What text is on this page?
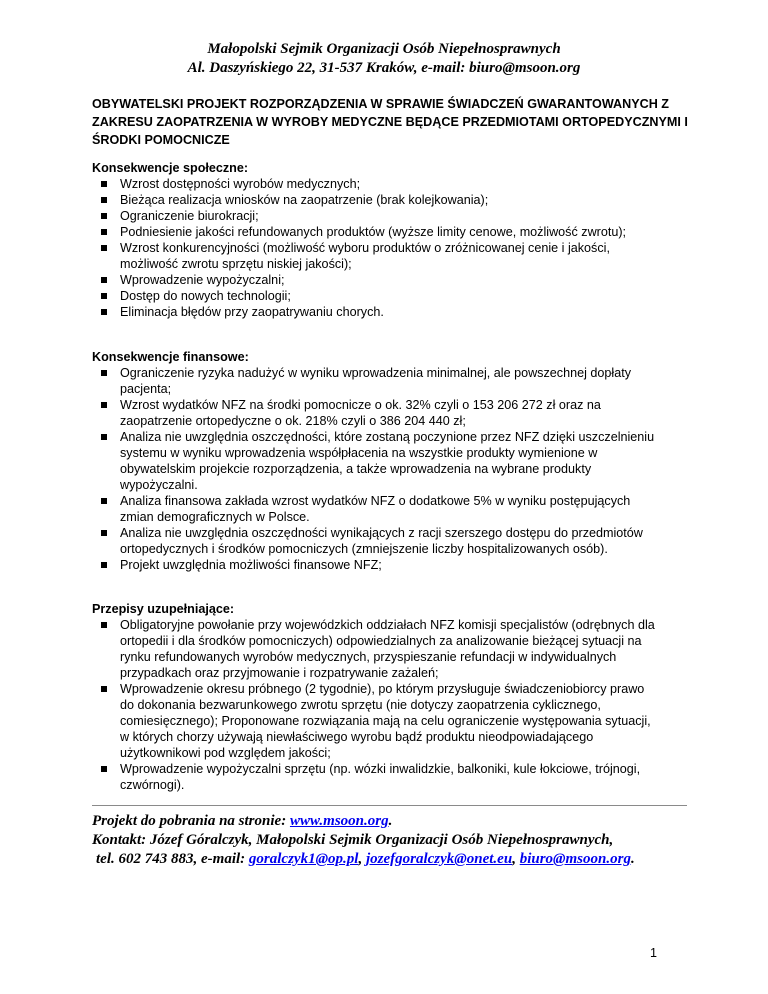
Małopolski Sejmik Organizacji Osób Niepełnosprawnych
Al. Daszyńskiego 22, 31-537 Kraków, e-mail: biuro@msoon.org

OBYWATELSKI PROJEKT ROZPORZĄDZENIA W SPRAWIE ŚWIADCZEŃ GWARANTOWANYCH Z ZAKRESU ZAOPATRZENIA W WYROBY MEDYCZNE BĘDĄCE PRZEDMIOTAMI ORTOPEDYCZNYMI I ŚRODKI POMOCNICZE

Konsekwencje społeczne:

Wzrost dostępności wyrobów medycznych;
Bieżąca realizacja wniosków na zaopatrzenie (brak kolejkowania);
Ograniczenie biurokracji;
Podniesienie jakości refundowanych produktów (wyższe limity cenowe, możliwość zwrotu);
Wzrost konkurencyjności (możliwość wyboru produktów o zróżnicowanej cenie i jakości, możliwość zwrotu sprzętu niskiej jakości);
Wprowadzenie wypożyczalni;
Dostęp do nowych technologii;
Eliminacja błędów przy zaopatrywaniu chorych.

Konsekwencje finansowe:

Ograniczenie ryzyka nadużyć w wyniku wprowadzenia minimalnej, ale powszechnej dopłaty pacjenta;
Wzrost wydatków NFZ na środki pomocnicze o ok. 32% czyli o 153 206 272 zł oraz na zaopatrzenie ortopedyczne o ok. 218% czyli o 386 204 440 zł;
Analiza nie uwzględnia oszczędności, które zostaną poczynione przez NFZ dzięki uszczelnieniu systemu w wyniku wprowadzenia współpłacenia na wszystkie produkty wymienione w obywatelskim projekcie rozporządzenia, a także wprowadzenia na wybrane produkty wypożyczalni.
Analiza finansowa zakłada wzrost wydatków NFZ o dodatkowe 5% w wyniku postępujących zmian demograficznych w Polsce.
Analiza nie uwzględnia oszczędności wynikających z racji szerszego dostępu do przedmiotów ortopedycznych i środków pomocniczych (zmniejszenie liczby hospitalizowanych osób).
Projekt uwzględnia możliwości finansowe NFZ;

Przepisy uzupełniające:

Obligatoryjne powołanie przy wojewódzkich oddziałach NFZ komisji specjalistów (odrębnych dla ortopedii i dla środków pomocniczych) odpowiedzialnych za analizowanie bieżącej sytuacji na rynku refundowanych wyrobów medycznych, przyspieszanie refundacji w indywidualnych przypadkach oraz przyjmowanie i rozpatrywanie zażaleń;
Wprowadzenie okresu próbnego (2 tygodnie), po którym przysługuje świadczeniobiorcy prawo do dokonania bezwarunkowego zwrotu sprzętu (nie dotyczy zaopatrzenia cyklicznego, comiesięcznego); Proponowane rozwiązania mają na celu ograniczenie występowania sytuacji, w których chorzy używają niewłaściwego wyrobu bądź produktu nieodpowiadającego użytkownikowi pod względem jakości;
Wprowadzenie wypożyczalni sprzętu (np. wózki inwalidzkie, balkoniki, kule łokciowe, trójnogi, czwórnogi).
Projekt do pobrania na stronie: www.msoon.org.
Kontakt: Józef Góralczyk, Małopolski Sejmik Organizacji Osób Niepełnosprawnych,
tel. 602 743 883, e-mail: goralczyk1@op.pl, jozefgoralczyk@onet.eu, biuro@msoon.org.
1
